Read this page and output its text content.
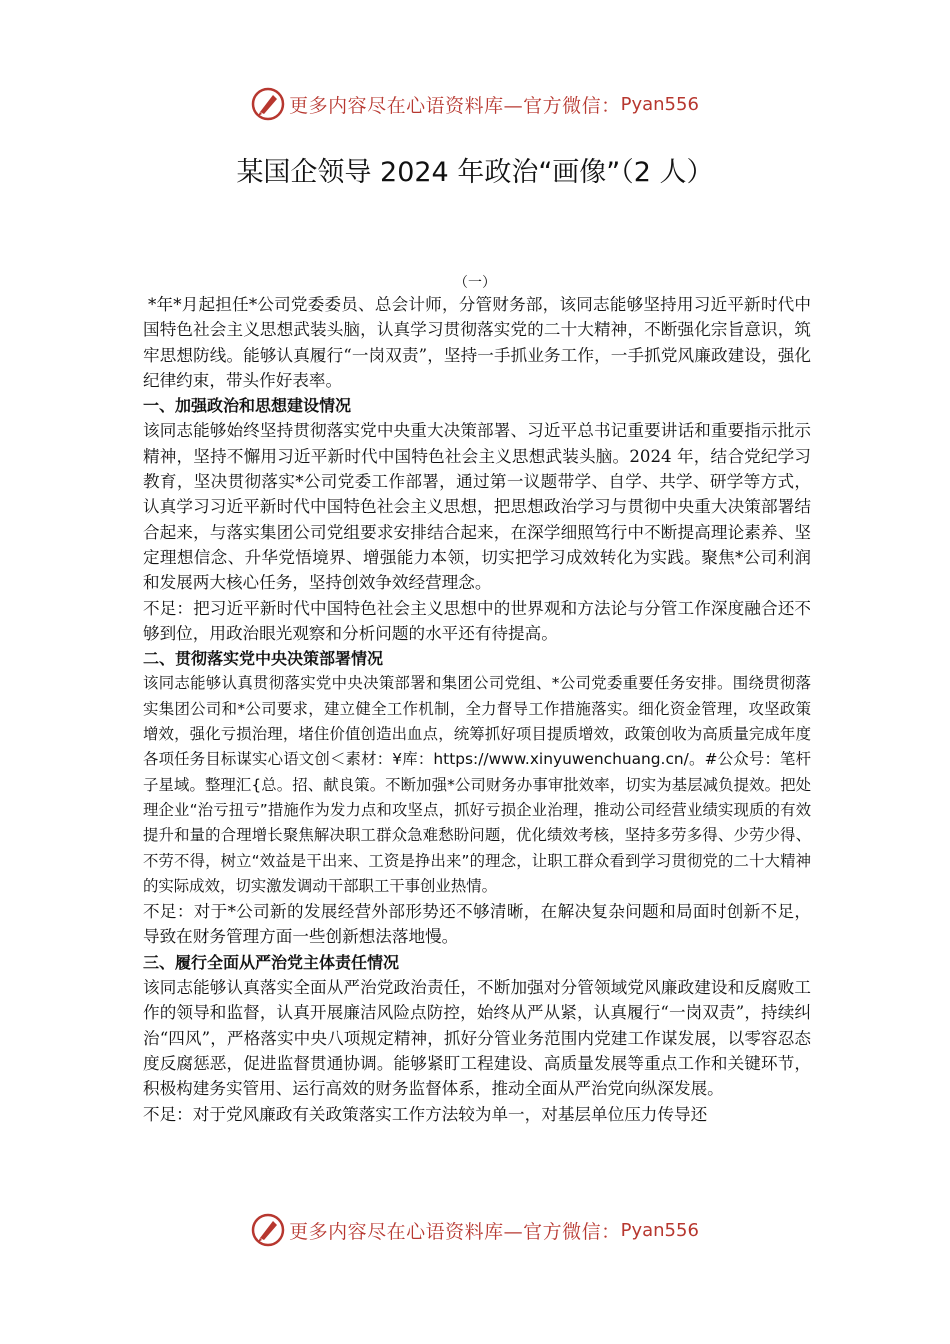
更多内容尽在心语资料库—官方微信： Pyan556
某国企领导 2024 年政治“画像”（2 人）
（一）

*年*月起担任*公司党委委员、总会计师，分管财务部，该同志能够坚持用习近平新时代中国特色社会主义思想武装头脑，认真学习贯彻落实党的二十大精神，不断强化宗旨意识，筑牢思想防线。能够认真履行“一岗双责”，坚持一手抓业务工作，一手抓党风廉政建设，强化纪律约束，带头作好表率。

一、加强政治和思想建设情况

该同志能够始终坚持贯彻落实党中央重大决策部署、习近平总书记重要讲话和重要指示批示精神，坚持不懈用习近平新时代中国特色社会主义思想武装头脑。2024 年，结合党纪学习教育，坚决贯彻落实*公司党委工作部署，通过第一议题带学、自学、共学、研学等方式，认真学习习近平新时代中国特色社会主义思想，把思想政治学习与贯彻中央重大决策部署结合起来，与落实集团公司党组要求安排结合起来，在深学细照笃行中不断提高理论素养、坚定理想信念、升华党悟境界、增强能力本领，切实把学习成效转化为实践。聚焦*公司利润和发展两大核心任务，坚持创效争效经营理念。

不足：把习近平新时代中国特色社会主义思想中的世界观和方法论与分管工作深度融合还不够到位，用政治眼光观察和分析问题的水平还有待提高。

二、贯彻落实党中央决策部署情况

该同志能够认真贯彻落实党中央决策部署和集团公司党组、*公司党委重要任务安排。围绕贯彻落实集团公司和*公司要求，建立健全工作机制，全力督导工作措施落实。细化资金管理，攻坚政策增效，强化亏损治理，堵住价值创造出血点，统筹抓好项目提质增效，政策创收为高质量完成年度各项任务目标谋实心语文创＜素材：¥库：https://www.xinyuwenchuang.cn/。#公众号：笔杆子星域。整理汇{总。招、献良策。不断加强*公司财务办事审批效率，切实为基层减负提效。把处理企业“治亏扭亏”措施作为发力点和攻坚点，抓好亏损企业治理，推动公司经营业绩实现质的有效提升和量的合理增长聚焦解决职工群众急难愁盼问题，优化绩效考核，坚持多劳多得、少劳少得、不劳不得，树立“效益是干出来、工资是挣出来”的理念，让职工群众看到学习贯彻党的二十大精神的实际成效，切实激发调动干部职工干事创业热情。

不足：对于*公司新的发展经营外部形势还不够清晰，在解决复杂问题和局面时创新不足，导致在财务管理方面一些创新想法落地慢。

三、履行全面从严治党主体责任情况

该同志能够认真落实全面从严治党政治责任，不断加强对分管领域党风廉政建设和反腐败工作的领导和监督，认真开展廉洁风险点防控，始终从严从紧，认真履行“一岗双责”，持续纠治“四风”，严格落实中央八项规定精神，抓好分管业务范围内党建工作谋发展，以零容忍态度反腐惩恶，促进监督贯通协调。能够紧盯工程建设、高质量发展等重点工作和关键环节，积极构建务实管用、运行高效的财务监督体系，推动全面从严治党向纵深发展。

不足：对于党风廉政有关政策落实工作方法较为单一，对基层单位压力传导还

更多内容尽在心语资料库—官方微信： Pyan556
